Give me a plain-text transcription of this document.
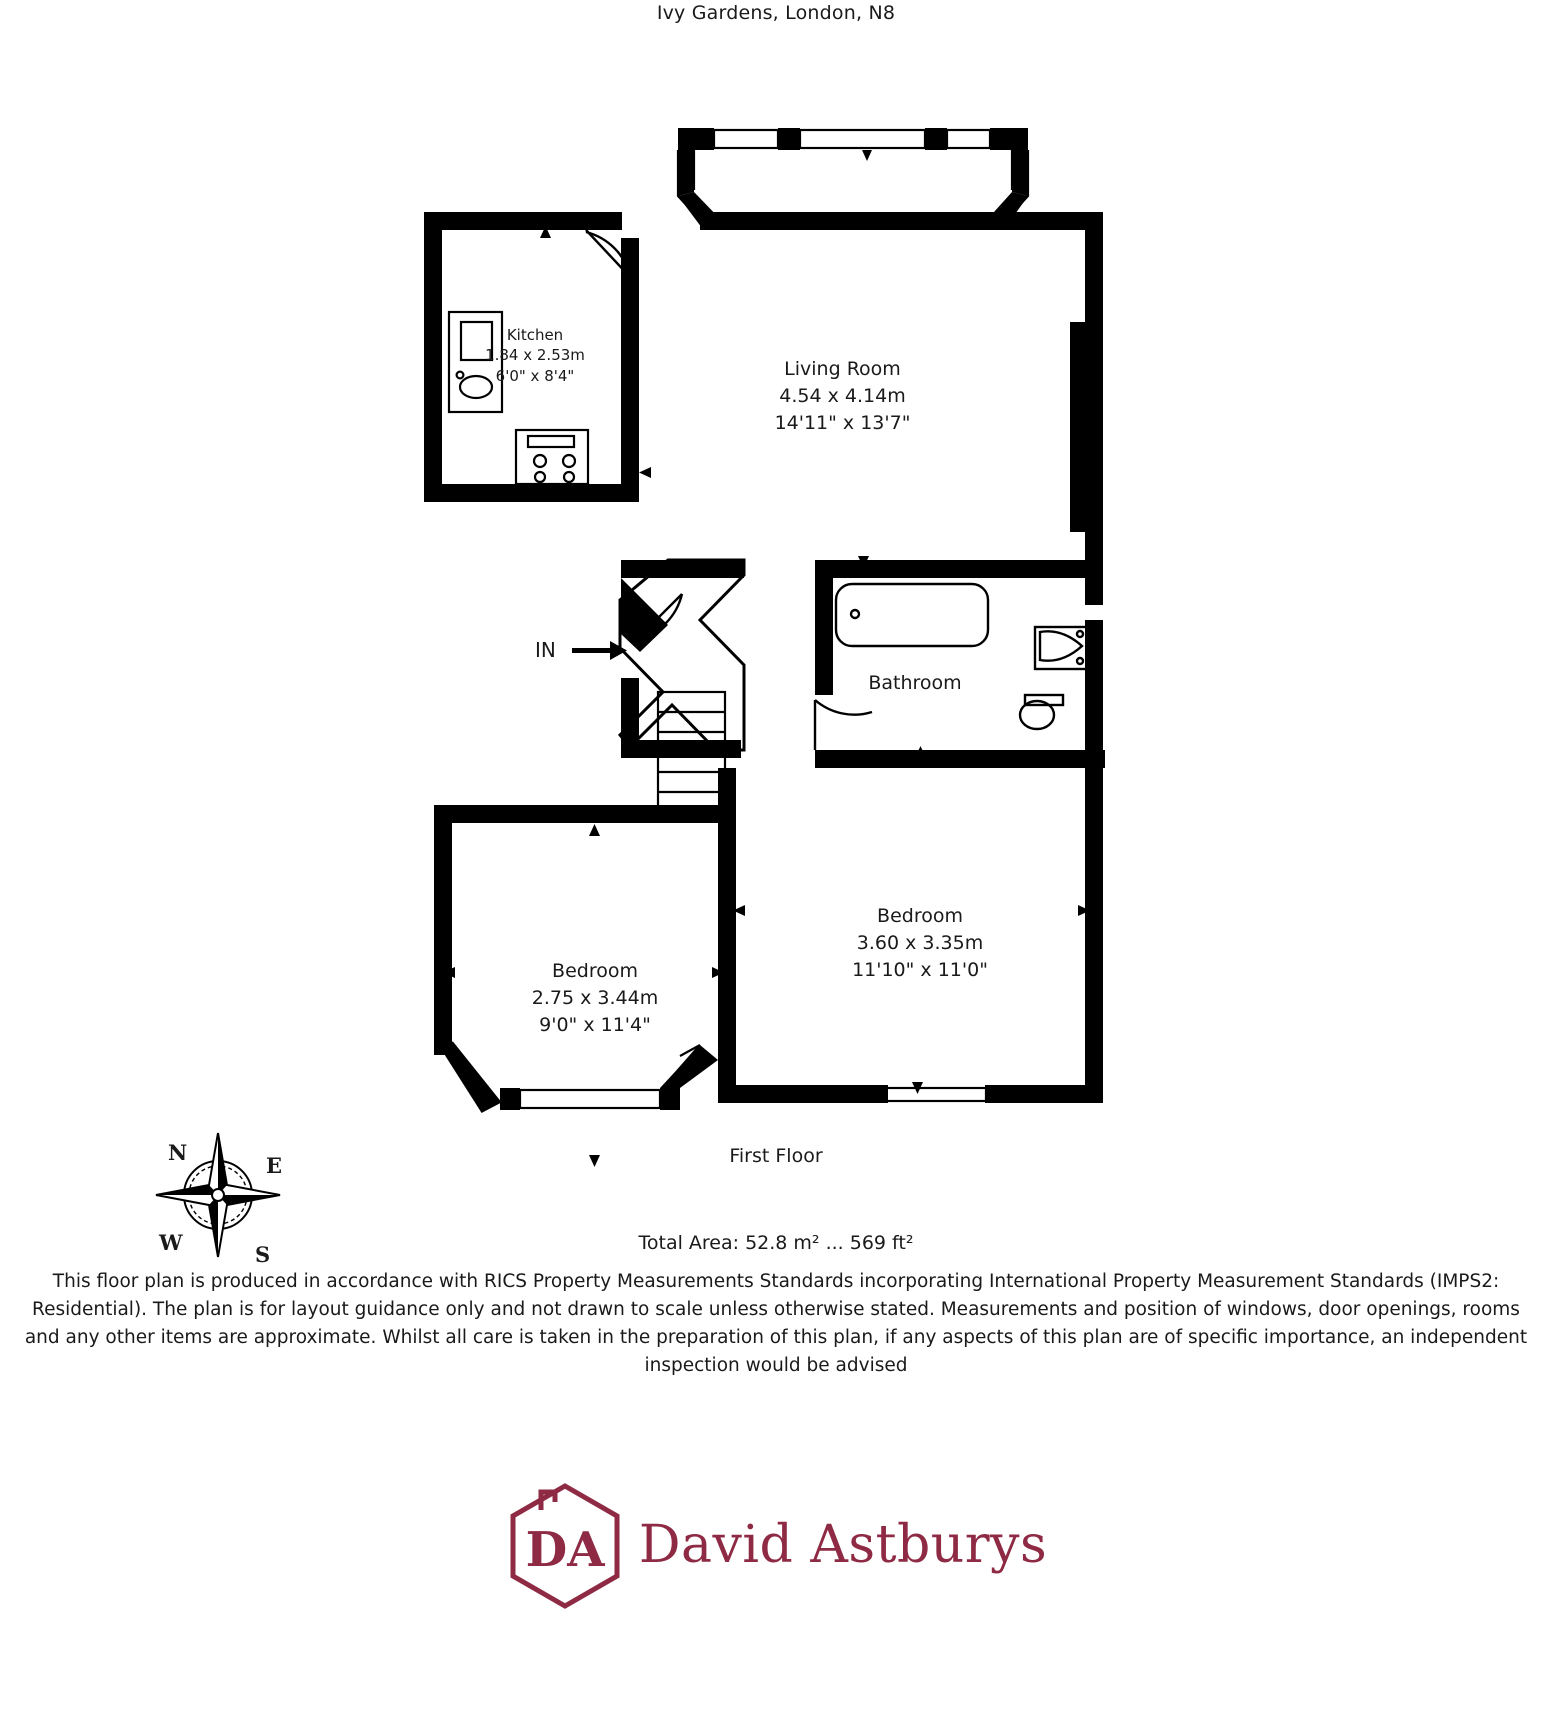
Ivy Gardens, London, N8
IN
Kitchen
1.84 x 2.53m
6'0" x 8'4"	Living Room
4.54 x 4.14m
14'11" x 13'7"
Bathroom
Bedroom
3.60 x 3.35m
11'10" x 11'0"
Bedroom
2.75 x 3.44m
9'0" x 11'4"
N
E
S
W
First Floor
Total Area: 52.8 m² ... 569 ft²
This floor plan is produced in accordance with RICS Property Measurements Standards incorporating International Property Measurement Standards (IMPS2: Residential). The plan is for layout guidance only and not drawn to scale unless otherwise stated. Measurements and position of windows, door openings, rooms and any other items are approximate. Whilst all care is taken in the preparation of this plan, if any aspects of this plan are of specific importance, an independent inspection would be advised
DA David Astburys
